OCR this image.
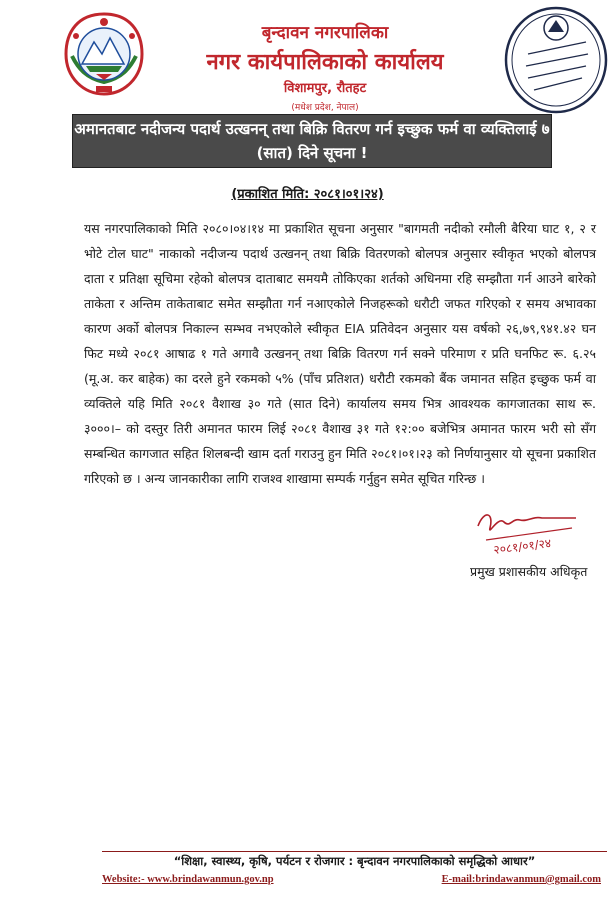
बृन्दावन नगरपालिका
नगर कार्यपालिकाको कार्यालय
विशामपुर, रौतहट
(मधेश प्रदेश, नेपाल)
अमानतबाट नदीजन्य पदार्थ उत्खनन् तथा बिक्रि वितरण गर्न इच्छुक फर्म वा व्यक्तिलाई ७ (सात) दिने सूचना !
(प्रकाशित मिति: २०८१।०१।२४)

यस नगरपालिकाको मिति २०८०।०४।१४ मा प्रकाशित सूचना अनुसार "बागमती नदीको रमौली बैरिया घाट १, २ र भोटे टोल घाट" नाकाको नदीजन्य पदार्थ उत्खनन् तथा बिक्रि वितरणको बोलपत्र अनुसार स्वीकृत भएको बोलपत्र दाता र प्रतिक्षा सूचिमा रहेको बोलपत्र दाताबाट समयमै तोकिएका शर्तको अधिनमा रहि सम्झौता गर्न आउने बारेको ताकेता र अन्तिम ताकेताबाट समेत सम्झौता गर्न नआएकोले निजहरूको धरौटी जफत गरिएको र समय अभावका कारण अर्को बोलपत्र निकाल्न सम्भव नभएकोले स्वीकृत EIA प्रतिवेदन अनुसार यस वर्षको २६,७९,९४१.४२ घन फिट मध्ये २०८१ आषाढ १ गते अगावै उत्खनन् तथा बिक्रि वितरण गर्न सक्ने परिमाण र प्रति घनफिट रू. ६.२५ (मू.अ. कर बाहेक) का दरले हुने रकमको ५% (पाँच प्रतिशत) धरौटी रकमको बैंक जमानत सहित इच्छुक फर्म वा व्यक्तिले यहि मिति २०८१ वैशाख ३० गते (सात दिने) कार्यालय समय भित्र आवश्यक कागजातका साथ रू. ३०००।– को दस्तुर तिरी अमानत फारम लिई २०८१ वैशाख ३१ गते १२:०० बजेभित्र अमानत फारम भरी सो सँग सम्बन्धित कागजात सहित शिलबन्दी खाम दर्ता गराउनु हुन मिति २०८१।०१।२३ को निर्णयानुसार यो सूचना प्रकाशित गरिएको छ । अन्य जानकारीका लागि राजश्व शाखामा सम्पर्क गर्नुहुन समेत सूचित गरिन्छ ।

२०८१/०१/२४
प्रमुख प्रशासकीय अधिकृत
“शिक्षा, स्वास्थ्य, कृषि, पर्यटन र रोजगार : बृन्दावन नगरपालिकाको समृद्धिको आधार”
Website:- www.brindawanmun.gov.np	E-mail:brindawanmun@gmail.com
